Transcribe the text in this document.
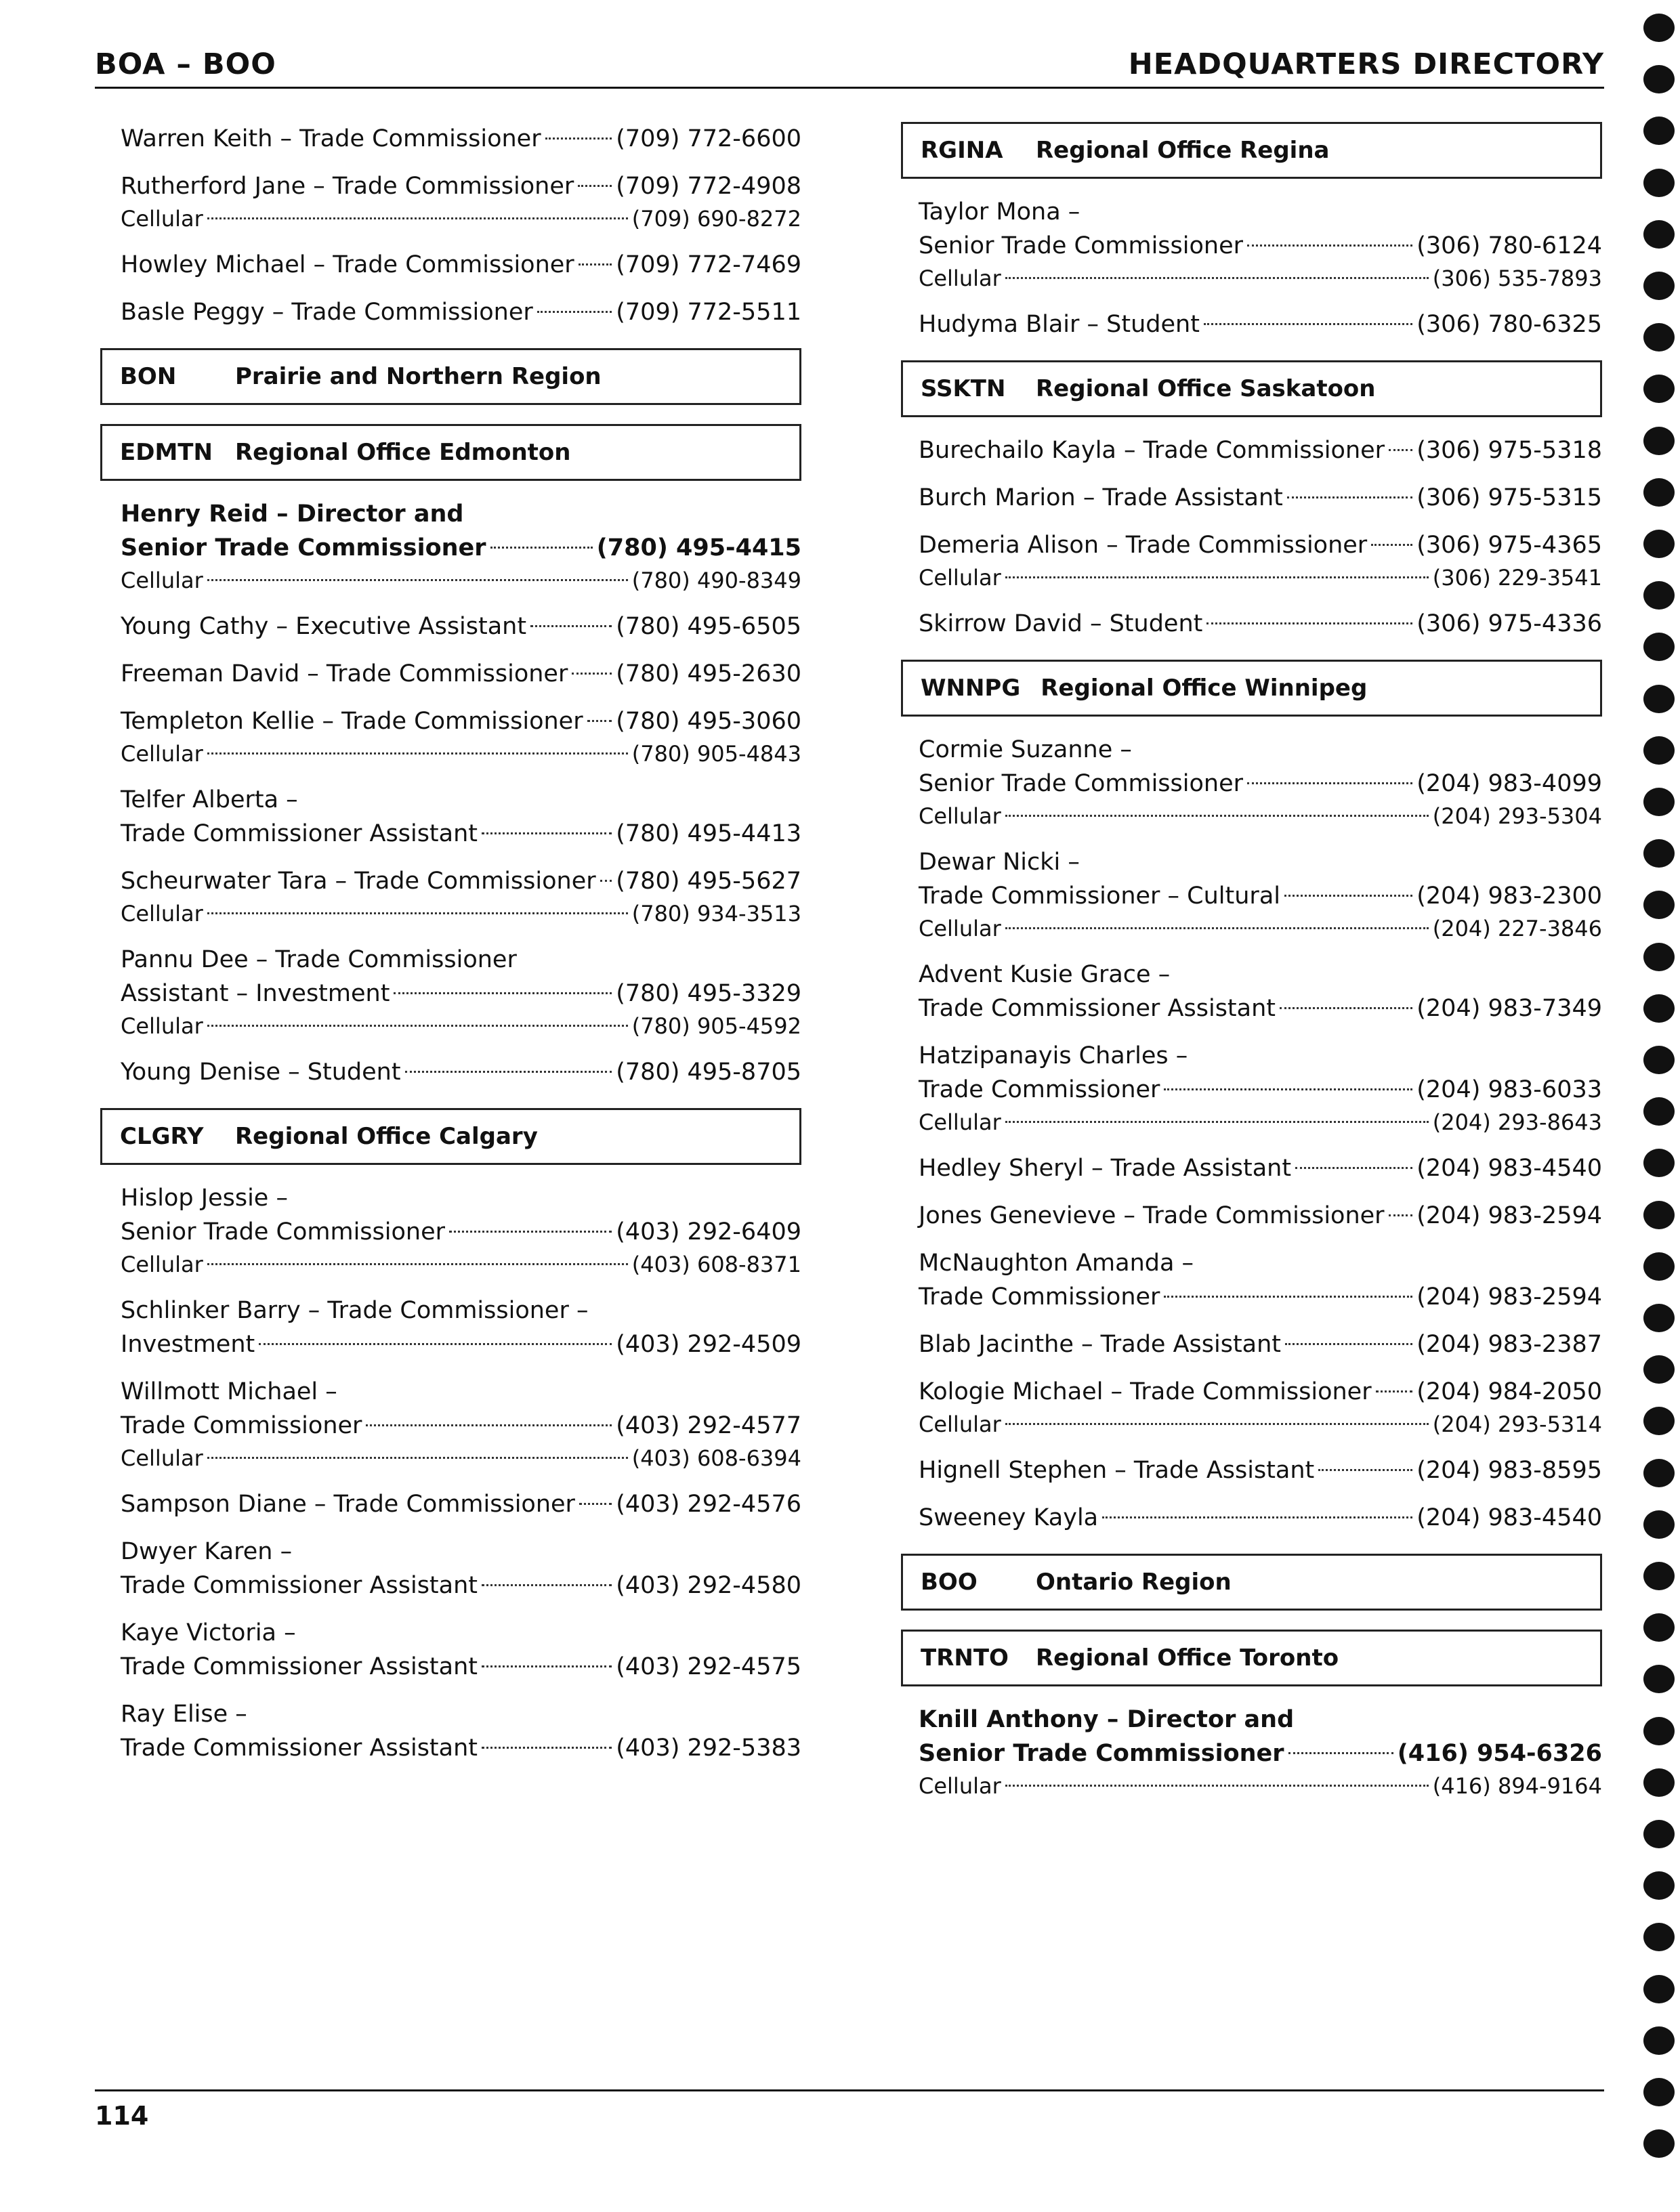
BOA – BOO	HEADQUARTERS DIRECTORY
Warren Keith – Trade Commissioner	(709) 772-6600
Rutherford Jane – Trade Commissioner (709) 772-4908
Cellular	(709) 690-8272
Howley Michael – Trade Commissioner (709) 772-7469
Basle Peggy – Trade Commissioner	(709) 772-5511
BON	Prairie and Northern Region
EDMTN Regional Office Edmonton
Henry Reid – Director and
Senior Trade Commissioner	(780) 495-4415
Cellular	(780) 490-8349
Young Cathy – Executive Assistant	(780) 495-6505
Freeman David – Trade Commissioner (780) 495-2630
Templeton Kellie – Trade Commissioner (780) 495-3060
Cellular	(780) 905-4843
Telfer Alberta –
Trade Commissioner Assistant	(780) 495-4413
Scheurwater Tara – Trade Commissioner (780) 495-5627
Cellular	(780) 934-3513
Pannu Dee – Trade Commissioner
Assistant – Investment	(780) 495-3329
Cellular	(780) 905-4592
Young Denise – Student	(780) 495-8705
CLGRY	Regional Office Calgary
Hislop Jessie –
Senior Trade Commissioner	(403) 292-6409
Cellular	(403) 608-8371
Schlinker Barry – Trade Commissioner –
Investment	(403) 292-4509
Willmott Michael –
Trade Commissioner	(403) 292-4577
Cellular	(403) 608-6394
Sampson Diane – Trade Commissioner (403) 292-4576
Dwyer Karen –
Trade Commissioner Assistant	(403) 292-4580
Kaye Victoria –
Trade Commissioner Assistant	(403) 292-4575
Ray Elise –
Trade Commissioner Assistant	(403) 292-5383
RGINA	Regional Office Regina
Taylor Mona –
Senior Trade Commissioner	(306) 780-6124
Cellular	(306) 535-7893
Hudyma Blair – Student	(306) 780-6325
SSKTN	Regional Office Saskatoon
Burechailo Kayla – Trade Commissioner (306) 975-5318
Burch Marion – Trade Assistant	(306) 975-5315
Demeria Alison – Trade Commissioner (306) 975-4365
Cellular	(306) 229-3541
Skirrow David – Student	(306) 975-4336
WNNPG Regional Office Winnipeg
Cormie Suzanne –
Senior Trade Commissioner	(204) 983-4099
Cellular	(204) 293-5304
Dewar Nicki –
Trade Commissioner – Cultural	(204) 983-2300
Cellular	(204) 227-3846
Advent Kusie Grace –
Trade Commissioner Assistant	(204) 983-7349
Hatzipanayis Charles –
Trade Commissioner	(204) 983-6033
Cellular	(204) 293-8643
Hedley Sheryl – Trade Assistant	(204) 983-4540
Jones Genevieve – Trade Commissioner (204) 983-2594
McNaughton Amanda –
Trade Commissioner	(204) 983-2594
Blab Jacinthe – Trade Assistant	(204) 983-2387
Kologie Michael – Trade Commissioner (204) 984-2050
Cellular	(204) 293-5314
Hignell Stephen – Trade Assistant	(204) 983-8595
Sweeney Kayla	(204) 983-4540
BOO	Ontario Region
TRNTO Regional Office Toronto
Knill Anthony – Director and
Senior Trade Commissioner	(416) 954-6326
Cellular	(416) 894-9164
114
